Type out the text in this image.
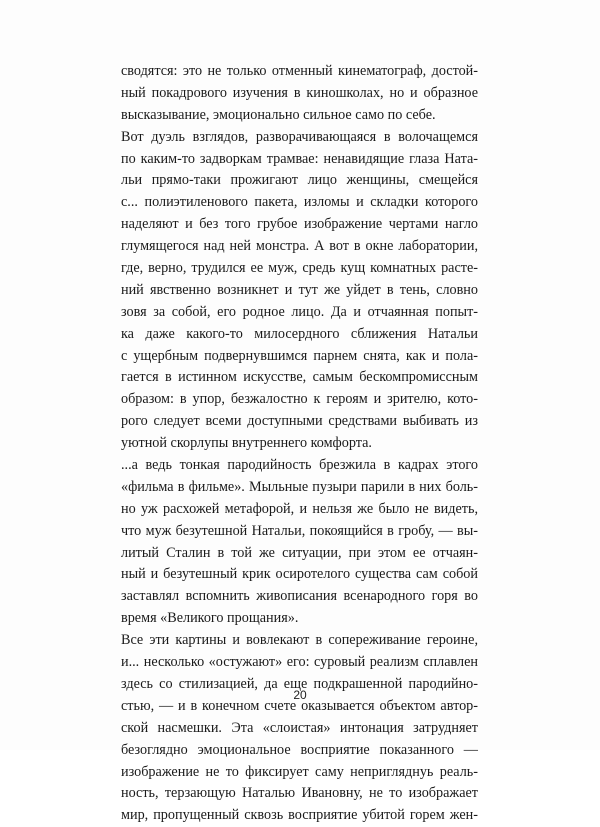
сводятся: это не только отменный кинематограф, достой-
ный покадрового изучения в киношколах, но и образное
высказывание, эмоционально сильное само по себе.
Вот дуэль взглядов, разворачивающаяся в волочащемся
по каким-то задворкам трамвае: ненавидящие глаза Ната-
льи прямо-таки прожигают лицо женщины, смещейся
с... полиэтиленового пакета, изломы и складки которого
наделяют и без того грубое изображение чертами нагло
глумящегося над ней монстра. А вот в окне лаборатории,
где, верно, трудился ее муж, средь кущ комнатных расте-
ний явственно возникнет и тут же уйдет в тень, словно
зовя за собой, его родное лицо. Да и отчаянная попыт-
ка даже какого-то милосердного сближения Натальи
с ущербным подвернувшимся парнем снята, как и пола-
гается в истинном искусстве, самым бескомпромиссным
образом: в упор, безжалостно к героям и зрителю, кото-
рого следует всеми доступными средствами выбивать из
уютной скорлупы внутреннего комфорта.
...а ведь тонкая пародийность брезжила в кадрах этого
«фильма в фильме». Мыльные пузыри парили в них боль-
но уж расхожей метафорой, и нельзя же было не видеть,
что муж безутешной Натальи, покоящийся в гробу, — вы-
литый Сталин в той же ситуации, при этом ее отчаян-
ный и безутешный крик осиротелого существа сам собой
заставлял вспомнить живописания всенародного горя во
время «Великого прощания».
Все эти картины и вовлекают в сопереживание героине,
и... несколько «остужают» его: суровый реализм сплавлен
здесь со стилизацией, да еще подкрашенной пародийно-
стью, — и в конечном счете оказывается объектом автор-
ской насмешки. Эта «слоистая» интонация затрудняет
безоглядно эмоциональное восприятие показанного —
изображение не то фиксирует саму непригляднуь реаль-
ность, терзающую Наталью Ивановну, не то изображает
мир, пропущенный сквозь восприятие убитой горем жен-
20
